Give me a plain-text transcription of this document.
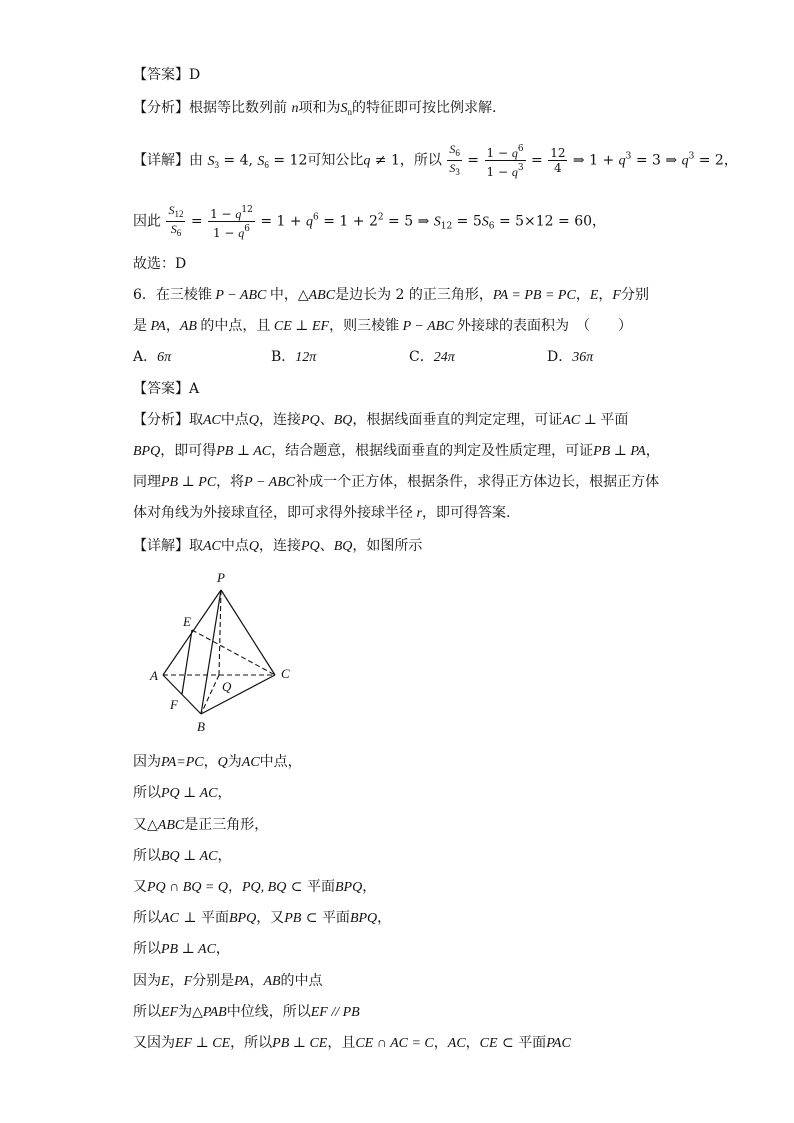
【答案】D
【分析】根据等比数列前 n项和为$S_n$的特征即可按比例求解.
【详解】由 $S_3 = 4$, $S_6 = 12$可知公比q ≠ 1，所以 $\frac{S_6}{S_3} = \frac{1 - q^6}{1 - q^3} = \frac{12}{4}$ ⇒ $1 + q^3 = 3$ ⇒ $q^3 = 2$，
因此 $\frac{S_{12}}{S_6} = \frac{1 - q^{12}}{1 - q^6} = 1 + q^6 = 1 + 2^2 = 5$ ⇒ $S_{12} = 5S_6 = 5\times 12 = 60$，
故选：D
6．在三棱锥 P − ABC 中，△ABC是边长为 2 的正三角形，PA = PB = PC，E，F分别
是 PA，AB 的中点，且 CE ⊥ EF，则三棱锥 P − ABC 外接球的表面积为　（　　）
A．6π	B．12π	C．24π	D．36π
【答案】A
【分析】取AC中点Q，连接PQ、BQ，根据线面垂直的判定定理，可证AC ⊥ 平面
BPQ，即可得PB ⊥ AC，结合题意，根据线面垂直的判定及性质定理，可证PB ⊥ PA，
同理PB ⊥ PC，将P − ABC补成一个正方体，根据条件，求得正方体边长，根据正方体
体对角线为外接球直径，即可求得外接球半径 r，即可得答案.
【详解】取AC中点Q，连接PQ、BQ，如图所示
P
E
A	C
Q
F
B
因为PA=PC，Q为AC中点，
所以PQ ⊥ AC，
又△ABC是正三角形，
所以BQ ⊥ AC，
又PQ ∩ BQ = Q，PQ, BQ ⊂ 平面BPQ，
所以AC ⊥ 平面BPQ，又PB ⊂ 平面BPQ，
所以PB ⊥ AC，
因为E，F分别是PA，AB的中点
所以EF为△PAB中位线，所以EF // PB
又因为EF ⊥ CE，所以PB ⊥ CE，且CE ∩ AC = C，AC，CE ⊂ 平面PAC
